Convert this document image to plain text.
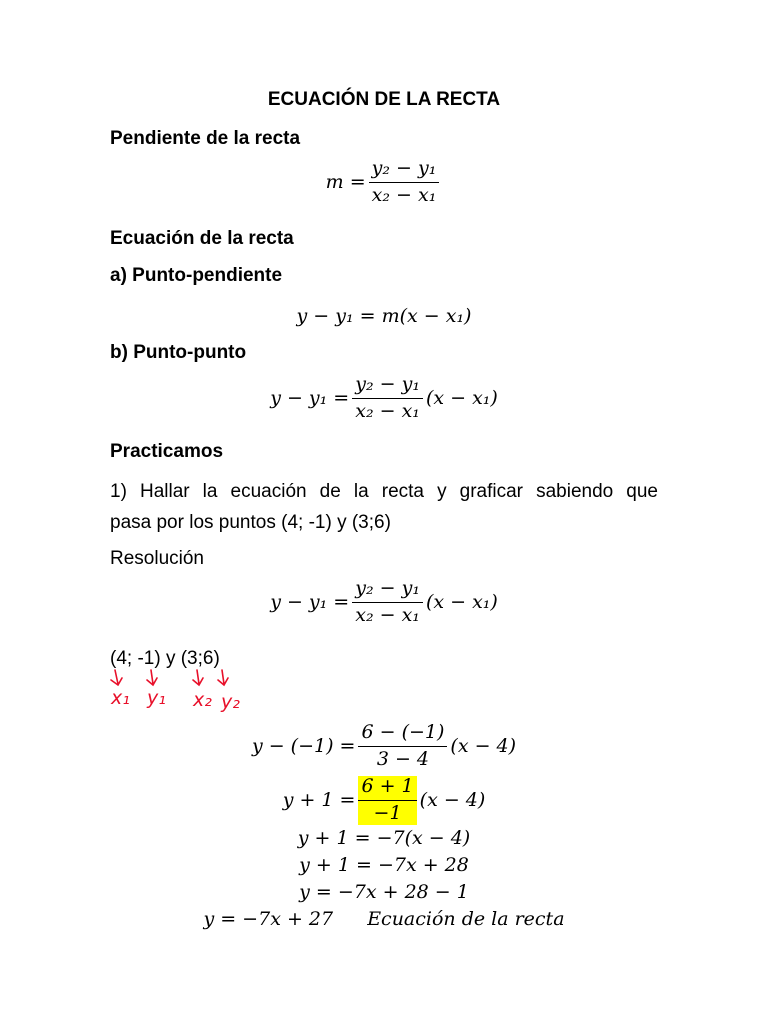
ECUACIÓN DE LA RECTA
Pendiente de la recta
$m = \frac{\text{y₂ − y₁}}{\text{x₂ − x₁}}$
Ecuación de la recta
a) Punto-pendiente
y − y₁ = m(x − x₁)
b) Punto-punto
$y - y_1 = \frac{\text{y₂ − y₁}}{\text{x₂ − x₁}} (x - x_1)$
Practicamos
1) Hallar la ecuación de la recta y graficar sabiendo que
pasa por los puntos (4; -1) y (3;6)
Resolución
$y - y_1 = \frac{\text{y₂ − y₁}}{\text{x₂ − x₁}} (x - x_1)$
(4; -1) y (3;6)
x₁ y₁ x₂ y₂
$y - (-1) = \frac{6 - (-1)}{3 - 4} (x - 4)$
$y + 1 = \frac{6 + 1}{-1} (x - 4)$
y + 1 = −7(x − 4)
y + 1 = −7x + 28
y = −7x + 28 − 1
y = −7x + 27 Ecuación de la recta
